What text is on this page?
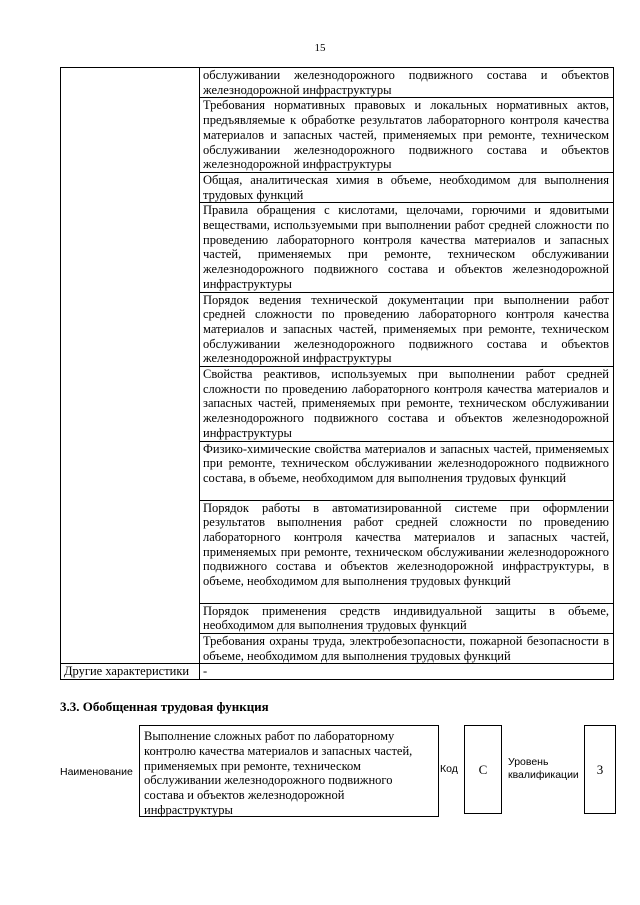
15
	обслуживании железнодорожного подвижного состава и объектов железнодорожной инфраструктуры
	Требования нормативных правовых и локальных нормативных актов, предъявляемые к обработке результатов лабораторного контроля качества материалов и запасных частей, применяемых при ремонте, техническом обслуживании железнодорожного подвижного состава и объектов железнодорожной инфраструктуры
	Общая, аналитическая химия в объеме, необходимом для выполнения трудовых функций
	Правила обращения с кислотами, щелочами, горючими и ядовитыми веществами, используемыми при выполнении работ средней сложности по проведению лабораторного контроля качества материалов и запасных частей, применяемых при ремонте, техническом обслуживании железнодорожного подвижного состава и объектов железнодорожной инфраструктуры
	Порядок ведения технической документации при выполнении работ средней сложности по проведению лабораторного контроля качества материалов и запасных частей, применяемых при ремонте, техническом обслуживании железнодорожного подвижного состава и объектов железнодорожной инфраструктуры
	Свойства реактивов, используемых при выполнении работ средней сложности по проведению лабораторного контроля качества материалов и запасных частей, применяемых при ремонте, техническом обслуживании железнодорожного подвижного состава и объектов железнодорожной инфраструктуры
	Физико-химические свойства материалов и запасных частей, применяемых при ремонте, техническом обслуживании железнодорожного подвижного состава, в объеме, необходимом для выполнения трудовых функций
	Порядок работы в автоматизированной системе при оформлении результатов выполнения работ средней сложности по проведению лабораторного контроля качества материалов и запасных частей, применяемых при ремонте, техническом обслуживании железнодорожного подвижного состава и объектов железнодорожной инфраструктуры, в объеме, необходимом для выполнения трудовых функций
	Порядок применения средств индивидуальной защиты в объеме, необходимом для выполнения трудовых функций
	Требования охраны труда, электробезопасности, пожарной безопасности в объеме, необходимом для выполнения трудовых функций
Другие характеристики	-
3.3. Обобщенная трудовая функция
Наименование
Выполнение сложных работ по лабораторному контролю качества материалов и запасных частей, применяемых при ремонте, техническом обслуживании железнодорожного подвижного состава и объектов железнодорожной инфраструктуры
Код	C	Уровень квалификации	3
